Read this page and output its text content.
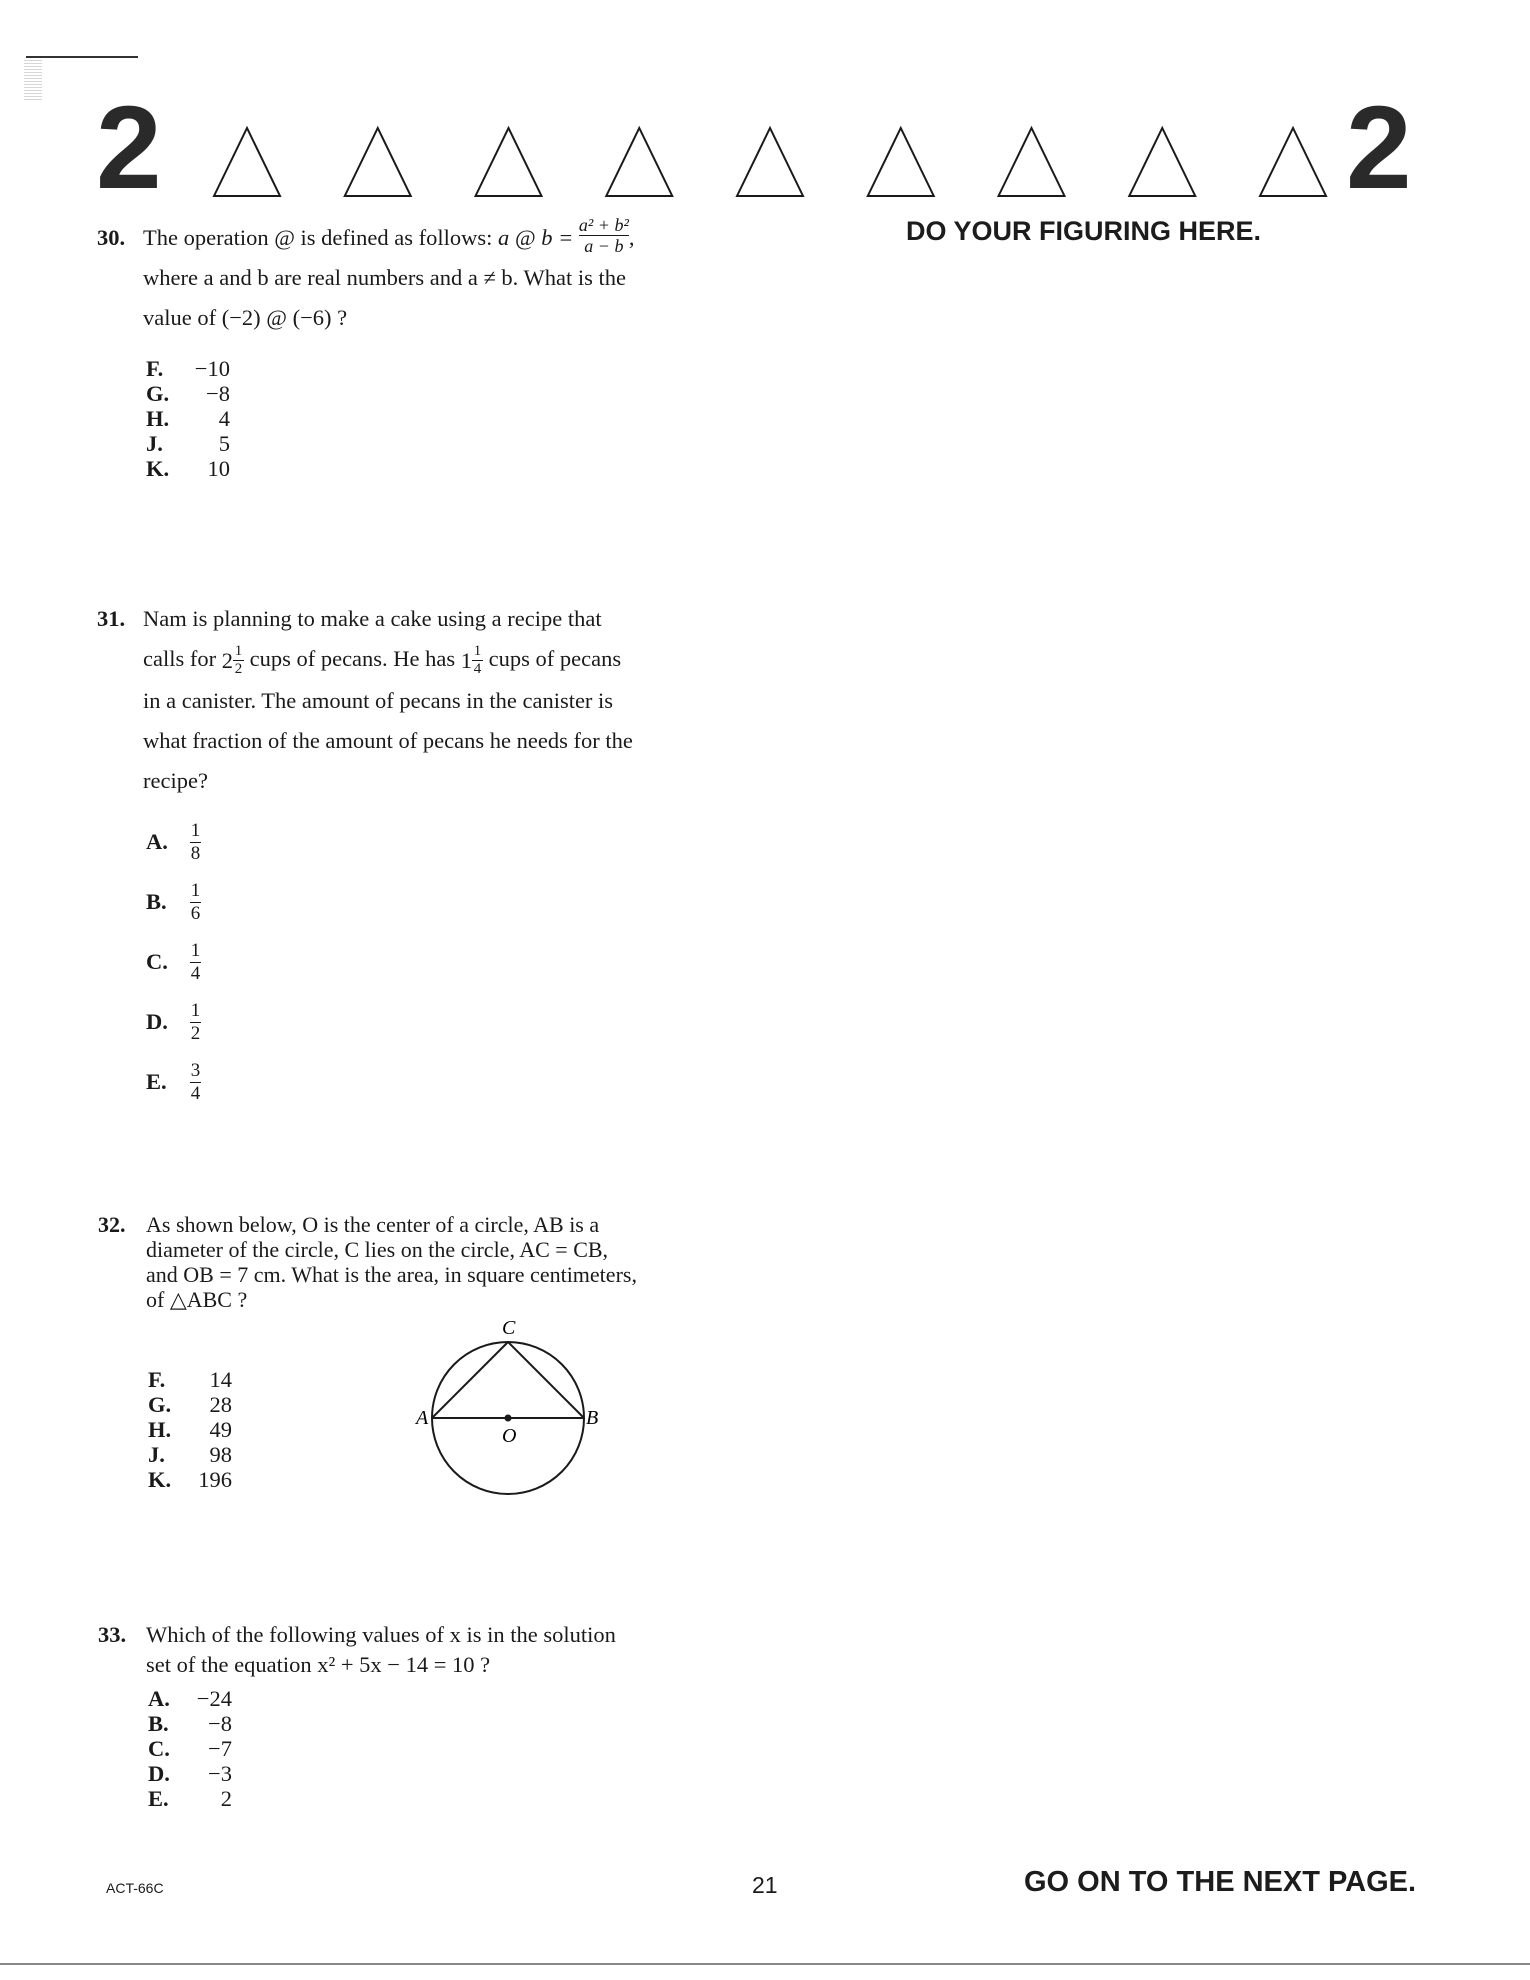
2	2
DO YOUR FIGURING HERE.
30. The operation @ is defined as follows: a @ $b = \frac{\text{a² + b²}}{a - b}$ ,

where a and b are real numbers and a ≠ b. What is the

value of (−2) @ (−6) ?

F. −10
G. −8
H. 4
J. 5
K. 10
31. Nam is planning to make a cake using a recipe that

calls for $2 \frac{1}{2}$ cups of pecans. He has $1 \frac{1}{4}$ cups of pecans

in a canister. The amount of pecans in the canister is

what fraction of the amount of pecans he needs for the

recipe?

A.	$\frac{1}{8}$
B.	$\frac{1}{6}$
C.	$\frac{1}{4}$
D.	$\frac{1}{2}$
E.	$\frac{3}{4}$
32. As shown below, O is the center of a circle, AB is a

diameter of the circle, C lies on the circle, AC = CB,

and OB = 7 cm. What is the area, in square centimeters,

of △ABC ?

F. 14
G. 28
H. 49
J. 98
K. 196
C
A	B
O
33. Which of the following values of x is in the solution

set of the equation x² + 5x − 14 = 10 ?

A. −24
B. −8
C. −7
D. −3
E. 2
ACT-66C	21	GO ON TO THE NEXT PAGE.
